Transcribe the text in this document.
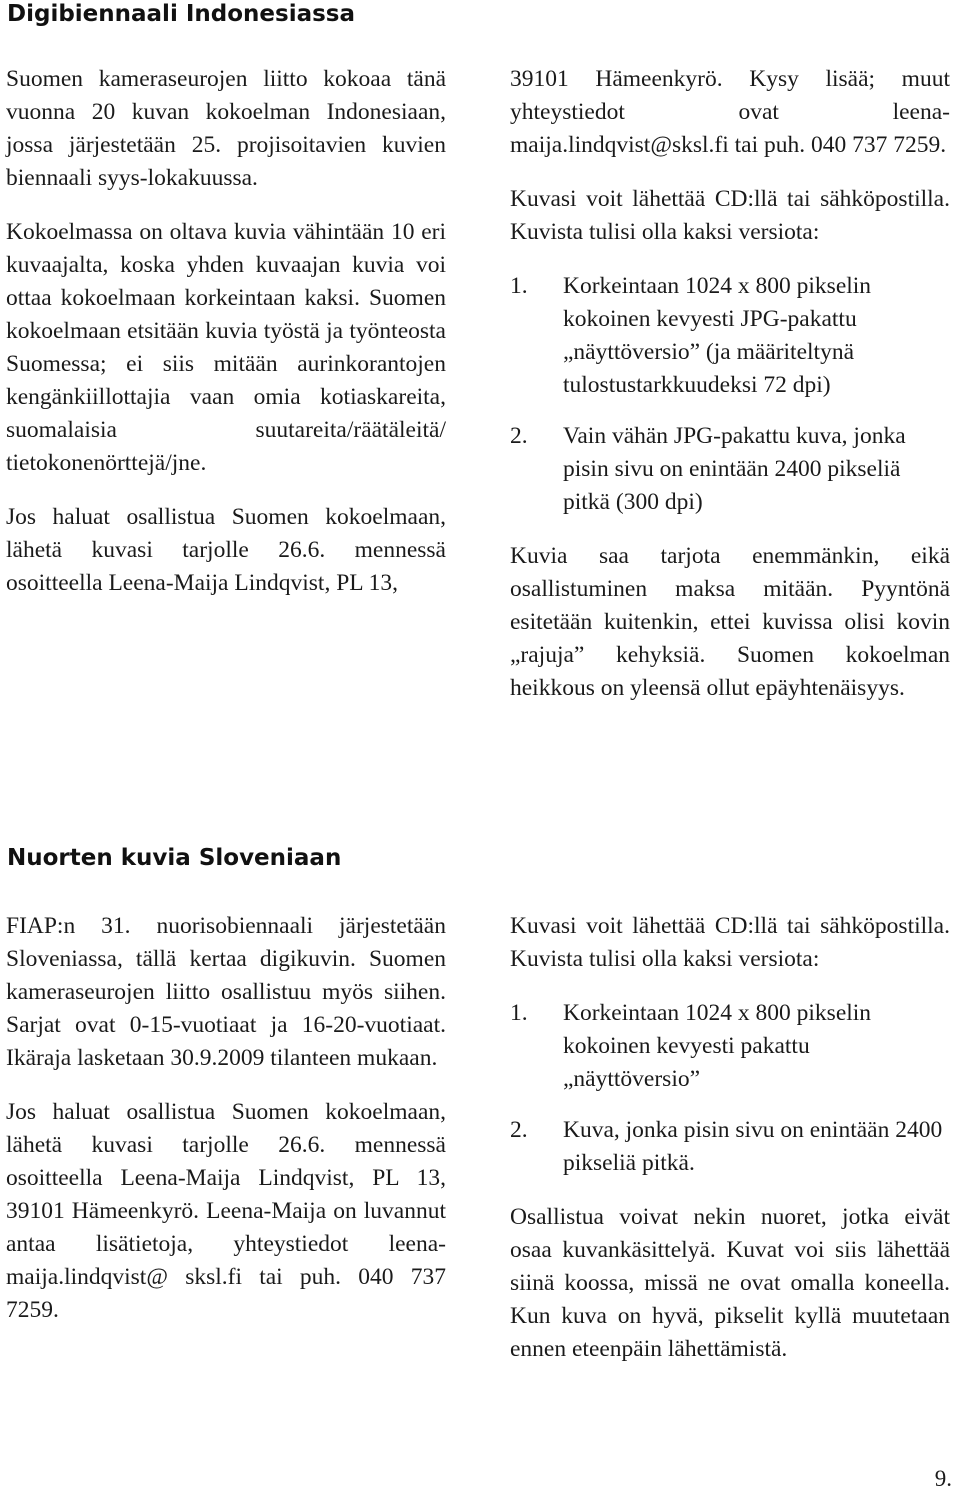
Digibiennaali Indonesiassa

Suomen kameraseurojen liitto kokoaa tänä vuonna 20 kuvan kokoelman Indonesiaan, jossa järjestetään 25. projisoitavien kuvien biennaali syys-lokakuussa.

Kokoelmassa on oltava kuvia vähintään 10 eri kuvaajalta, koska yhden kuvaajan kuvia voi ottaa kokoelmaan korkeintaan kaksi. Suomen kokoelmaan etsitään kuvia työstä ja työnteosta Suomessa; ei siis mitään aurinkorantojen kengänkiillottajia vaan omia kotiaskareita, suomalaisia suutareita/räätäleitä/ tietokonenörttejä/jne.

Jos haluat osallistua Suomen kokoelmaan, lähetä kuvasi tarjolle 26.6. mennessä osoitteella Leena-Maija Lindqvist, PL 13,

39101 Hämeenkyrö. Kysy lisää; muut yhteystiedot ovat leena-maija.lindqvist@sksl.fi tai puh. 040 737 7259.

Kuvasi voit lähettää CD:llä tai sähköpostilla. Kuvista tulisi olla kaksi versiota:

1. Korkeintaan 1024 x 800 pikselin kokoinen kevyesti JPG-pakattu „näyttöversio” (ja määriteltynä tulostustarkkuudeksi 72 dpi)
2. Vain vähän JPG-pakattu kuva, jonka pisin sivu on enintään 2400 pikseliä pitkä (300 dpi)

Kuvia saa tarjota enemmänkin, eikä osallistuminen maksa mitään. Pyyntönä esitetään kuitenkin, ettei kuvissa olisi kovin „rajuja” kehyksiä. Suomen kokoelman heikkous on yleensä ollut epäyhtenäisyys.

Nuorten kuvia Sloveniaan

FIAP:n 31. nuorisobiennaali järjestetään Sloveniassa, tällä kertaa digikuvin. Suomen kameraseurojen liitto osallistuu myös siihen. Sarjat ovat 0-15-vuotiaat ja 16-20-vuotiaat. Ikäraja lasketaan 30.9.2009 tilanteen mukaan.

Jos haluat osallistua Suomen kokoelmaan, lähetä kuvasi tarjolle 26.6. mennessä osoitteella Leena-Maija Lindqvist, PL 13, 39101 Hämeenkyrö. Leena-Maija on luvannut antaa lisätietoja, yhteystiedot leena-maija.lindqvist@ sksl.fi tai puh. 040 737 7259.

Kuvasi voit lähettää CD:llä tai sähköpostilla. Kuvista tulisi olla kaksi versiota:

1. Korkeintaan 1024 x 800 pikselin kokoinen kevyesti pakattu „näyttöversio”
2. Kuva, jonka pisin sivu on enintään 2400 pikseliä pitkä.

Osallistua voivat nekin nuoret, jotka eivät osaa kuvankäsittelyä. Kuvat voi siis lähettää siinä koossa, missä ne ovat omalla koneella. Kun kuva on hyvä, pikselit kyllä muutetaan ennen eteenpäin lähettämistä.

9.
